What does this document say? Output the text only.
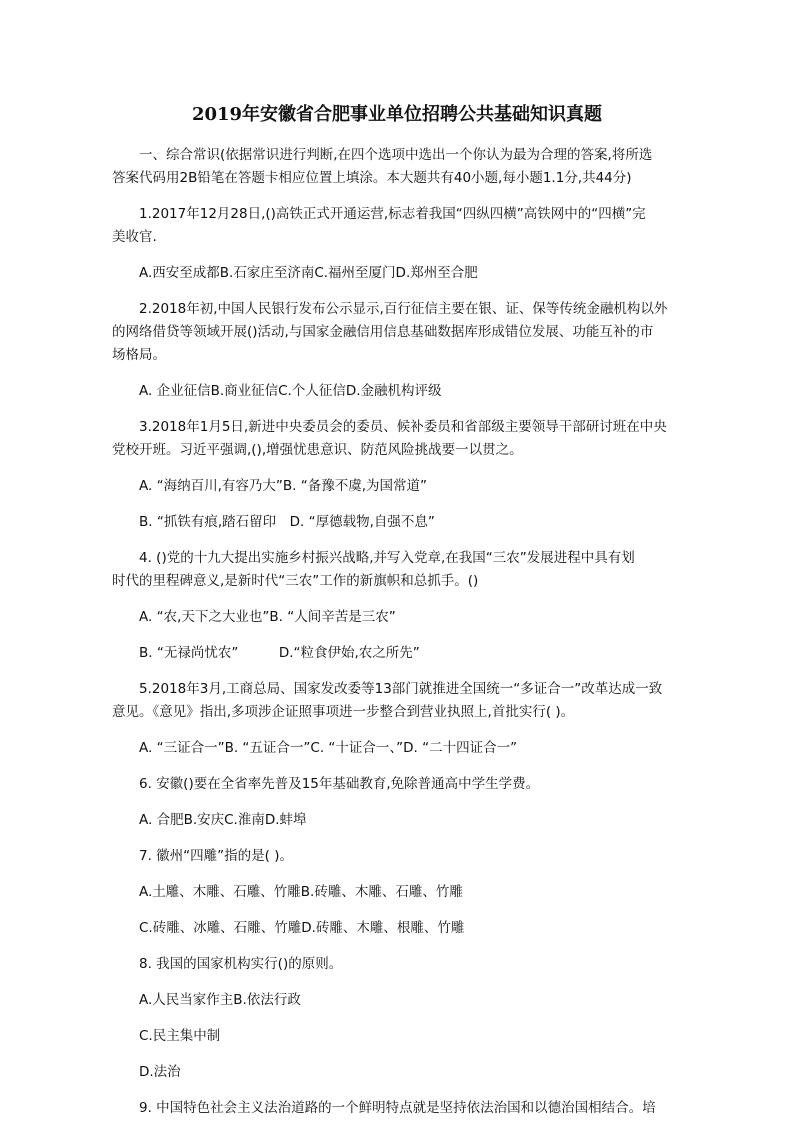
2019年安徽省合肥事业单位招聘公共基础知识真题
　　一、综合常识(依据常识进行判断,在四个选项中选出一个你认为最为合理的答案,将所选
答案代码用2B铅笔在答题卡相应位置上填涂。本大题共有40小题,每小题1.1分,共44分)
　　1.2017年12月28日,()高铁正式开通运营,标志着我国“四纵四横”高铁网中的“四横”完
美收官.
　　A.西安至成都B.石家庄至济南C.福州至厦门D.郑州至合肥
　　2.2018年初,中国人民银行发布公示显示,百行征信主要在银、证、保等传统金融机构以外
的网络借贷等领域开展()活动,与国家金融信用信息基础数据库形成错位发展、功能互补的市
场格局。
　　A. 企业征信B.商业征信C.个人征信D.金融机构评级
　　3.2018年1月5日,新进中央委员会的委员、候补委员和省部级主要领导干部研讨班在中央
党校开班。习近平强调,(),增强忧患意识、防范风险挑战要一以贯之。
　　A. “海纳百川,有容乃大”B. “备豫不虞,为国常道”
　　B. “抓铁有痕,踏石留印　D. “厚德载物,自强不息”
　　4. ()党的十九大提出实施乡村振兴战略,并写入党章,在我国“三农”发展进程中具有划
时代的里程碑意义,是新时代“三农”工作的新旗帜和总抓手。()
　　A. “农,天下之大业也”B. “人间辛苦是三农”
　　B. “无禄尚忧农”　　　D.“粒食伊始,农之所先”
　　5.2018年3月,工商总局、国家发改委等13部门就推进全国统一“多证合一”改革达成一致
意见。《意见》指出,多项涉企证照事项进一步整合到营业执照上,首批实行( )。
　　A. “三证合一”B. “五证合一”C. “十证合一、”D. “二十四证合一”
　　6. 安徽()要在全省率先普及15年基础教育,免除普通高中学生学费。
　　A. 合肥B.安庆C.淮南D.蚌埠
　　7. 徽州“四雕”指的是( )。
　　A.土雕、木雕、石雕、竹雕B.砖雕、木雕、石雕、竹雕
　　C.砖雕、冰雕、石雕、竹雕D.砖雕、木雕、根雕、竹雕
　　8. 我国的国家机构实行()的原则。
　　A.人民当家作主B.依法行政
　　C.民主集中制
　　D.法治
　　9. 中国特色社会主义法治道路的一个鲜明特点就是坚持依法治国和以德治国相结合。培
